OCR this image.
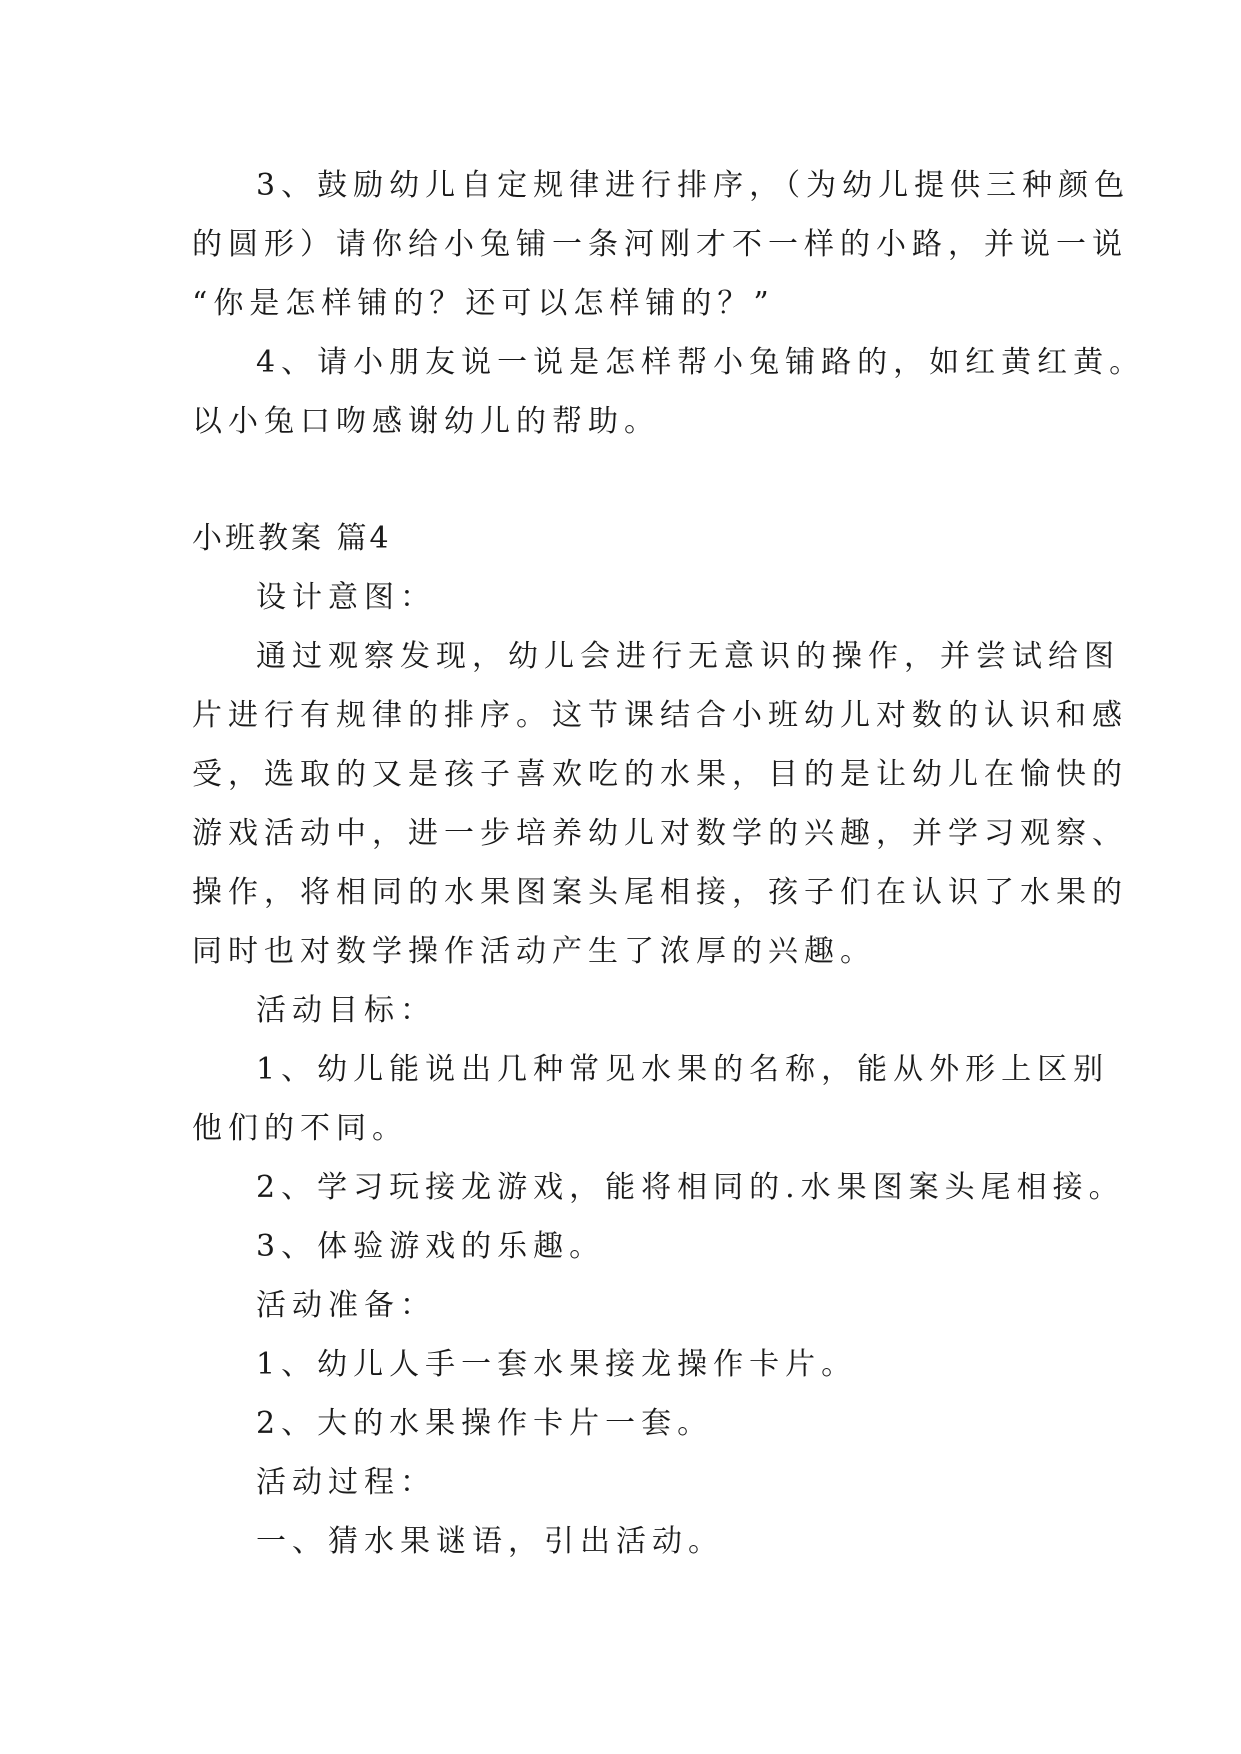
3、鼓励幼儿自定规律进行排序，（为幼儿提供三种颜色
的圆形）请你给小兔铺一条河刚才不一样的小路，并说一说
“你是怎样铺的？还可以怎样铺的？”
4、请小朋友说一说是怎样帮小兔铺路的，如红黄红黄。
以小兔口吻感谢幼儿的帮助。
小班教案 篇4
设计意图：
通过观察发现，幼儿会进行无意识的操作，并尝试给图
片进行有规律的排序。这节课结合小班幼儿对数的认识和感
受，选取的又是孩子喜欢吃的水果，目的是让幼儿在愉快的
游戏活动中，进一步培养幼儿对数学的兴趣，并学习观察、
操作，将相同的水果图案头尾相接，孩子们在认识了水果的
同时也对数学操作活动产生了浓厚的兴趣。
活动目标：
1、幼儿能说出几种常见水果的名称，能从外形上区别
他们的不同。
2、学习玩接龙游戏，能将相同的.水果图案头尾相接。
3、体验游戏的乐趣。
活动准备：
1、幼儿人手一套水果接龙操作卡片。
2、大的水果操作卡片一套。
活动过程：
一、猜水果谜语，引出活动。
